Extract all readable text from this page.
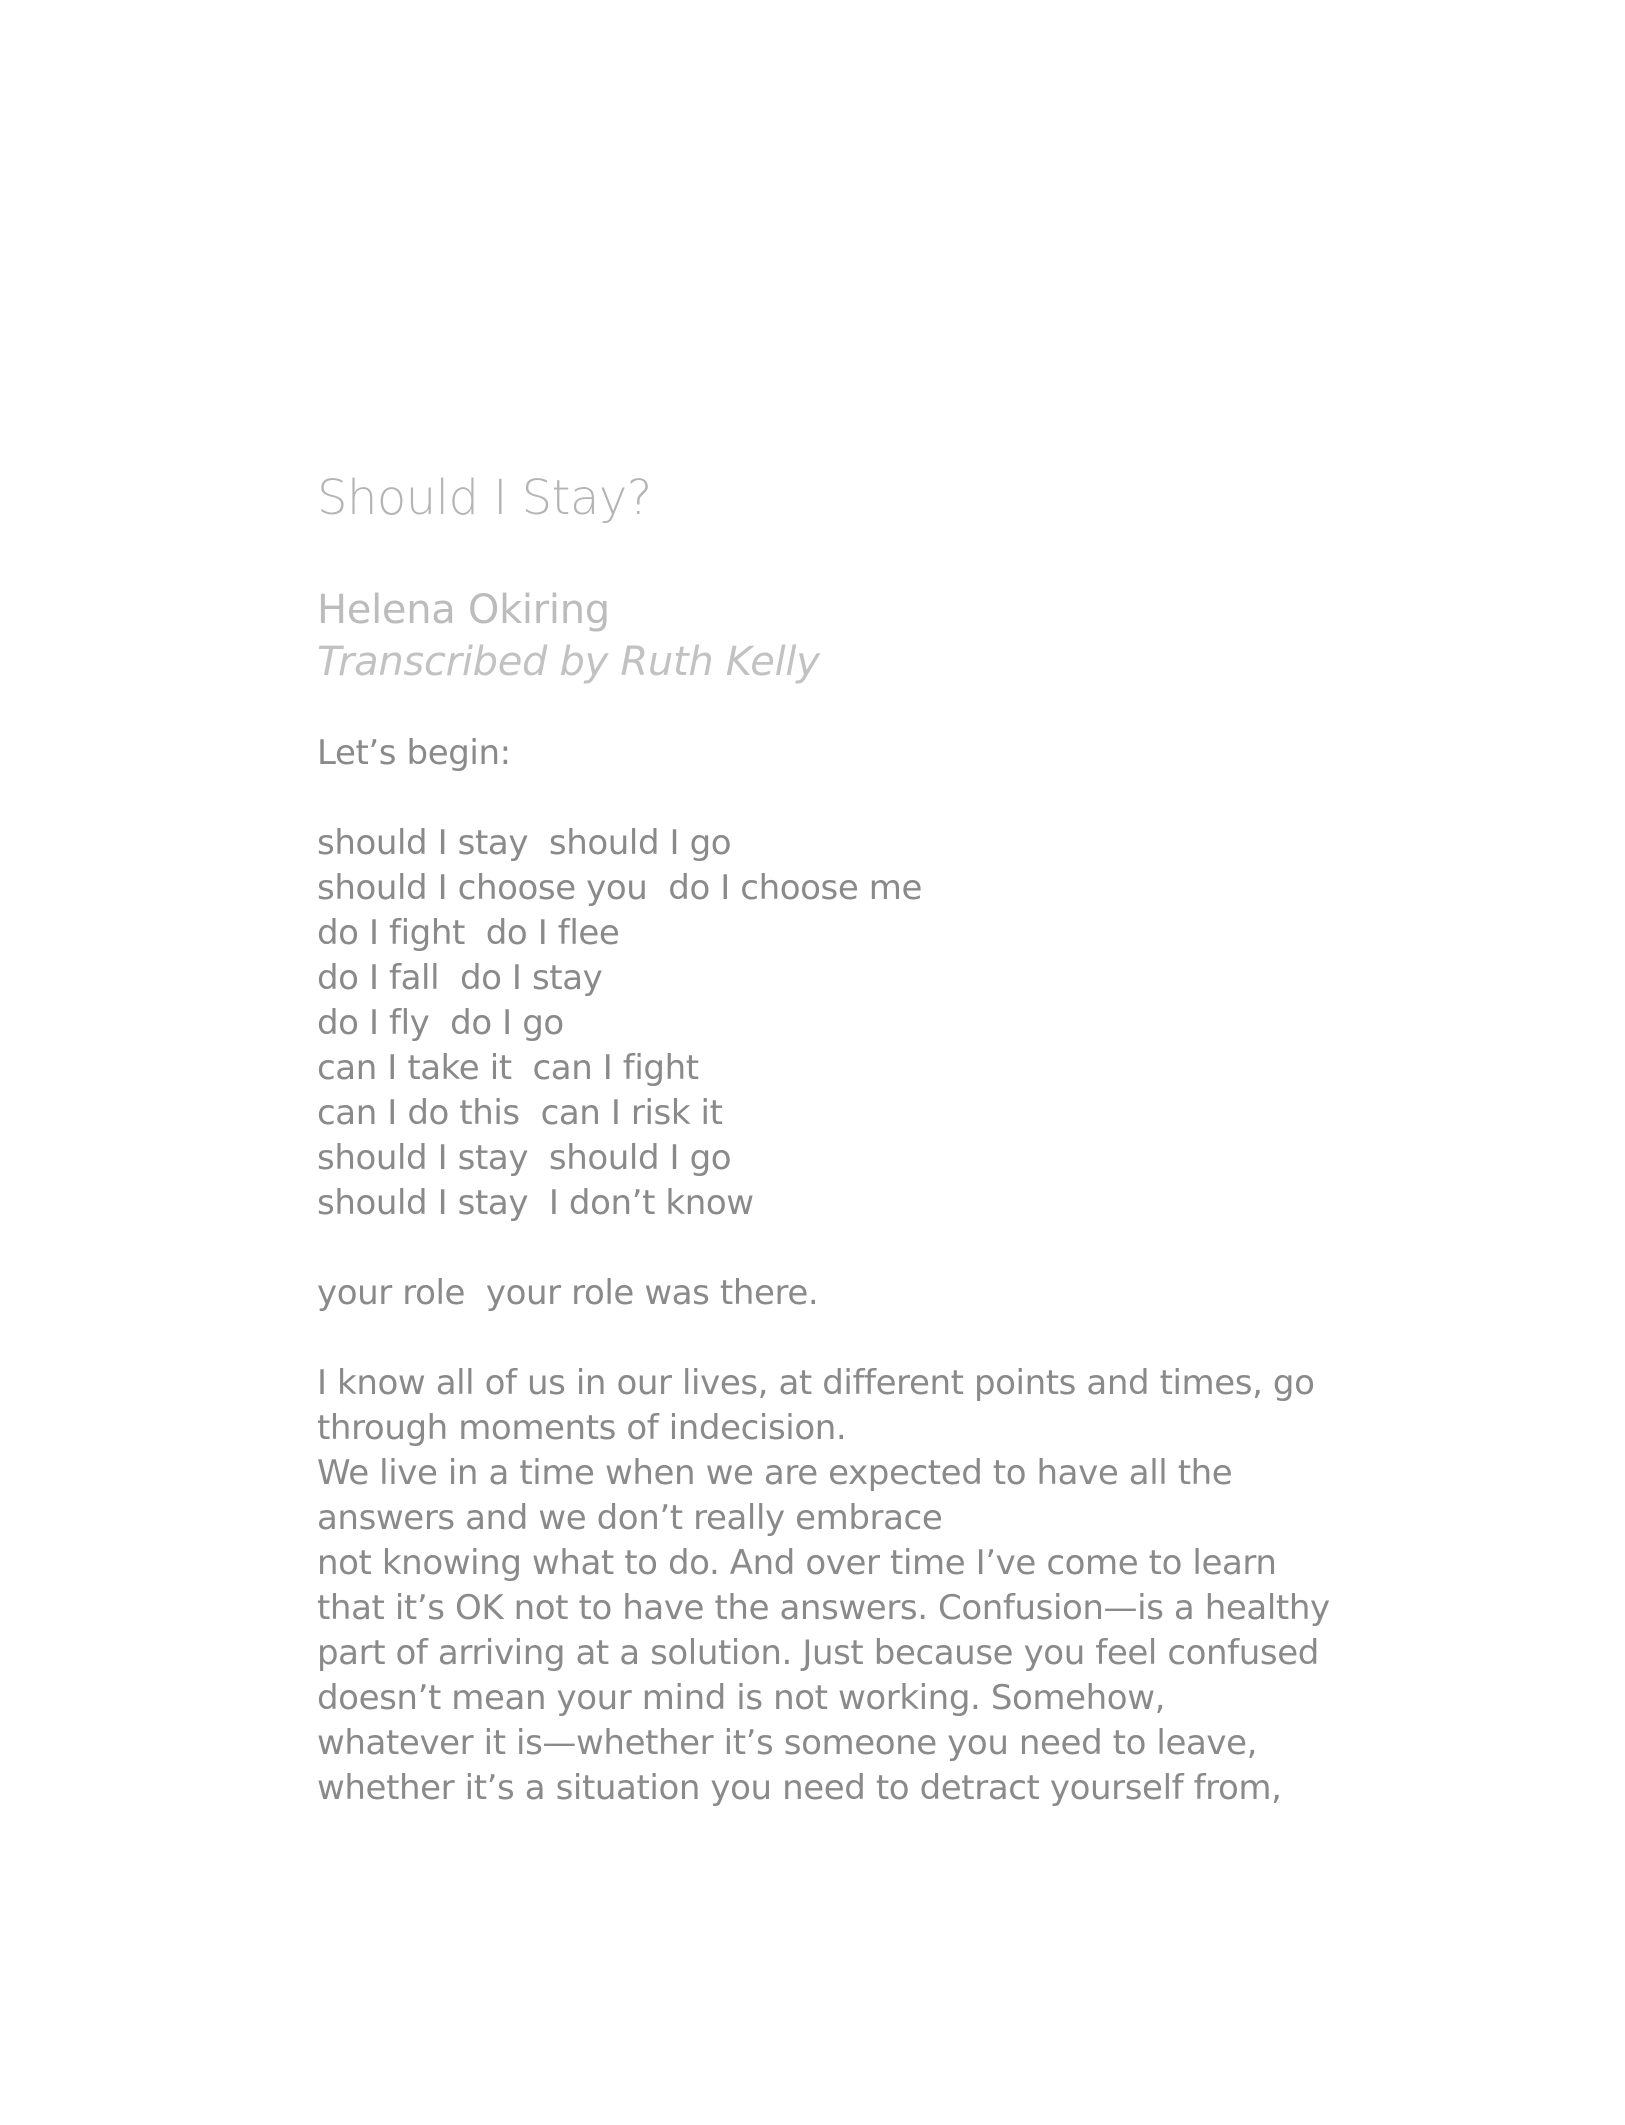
Should I Stay?

Helena Okiring

Transcribed by Ruth Kelly

Let’s begin:

should I stay  should I go

should I choose you  do I choose me

do I fight  do I flee

do I fall  do I stay

do I fly  do I go

can I take it  can I fight

can I do this  can I risk it

should I stay  should I go

should I stay  I don’t know

your role  your role was there.

I know all of us in our lives, at different points and times, go

through moments of indecision.

We live in a time when we are expected to have all the

answers and we don’t really embrace

not knowing what to do. And over time I’ve come to learn

that it’s OK not to have the answers. Confusion—is a healthy

part of arriving at a solution. Just because you feel confused

doesn’t mean your mind is not working. Somehow,

whatever it is—whether it’s someone you need to leave,

whether it’s a situation you need to detract yourself from,
